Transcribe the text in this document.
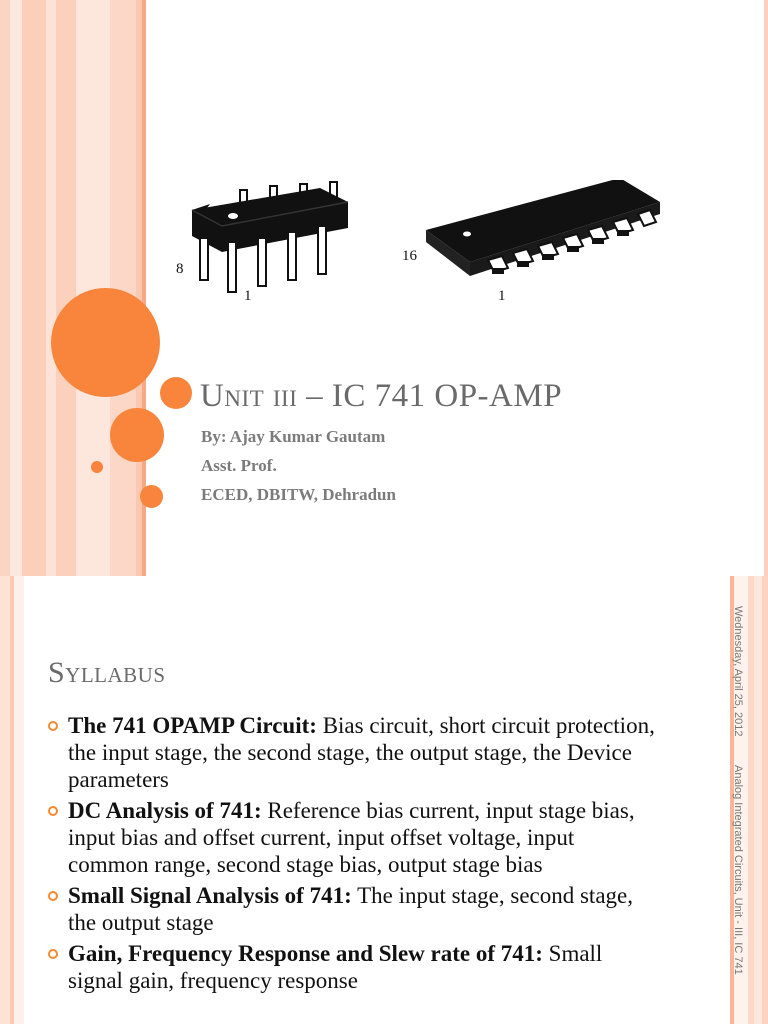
8
1
16
1
Unit iii – IC 741 OP-AMP

By: Ajay Kumar Gautam

Asst. Prof.

ECED, DBITW, Dehradun

Wednesday, April 25, 2012  Analog Integrated Circuits, Unit - III, IC 741
Syllabus
The 741 OPAMP Circuit: Bias circuit, short circuit protection, the input stage, the second stage, the output stage, the Device parameters
DC Analysis of 741: Reference bias current, input stage bias, input bias and offset current, input offset voltage, input common range, second stage bias, output stage bias
Small Signal Analysis of 741: The input stage, second stage, the output stage
Gain, Frequency Response and Slew rate of 741: Small signal gain, frequency response
